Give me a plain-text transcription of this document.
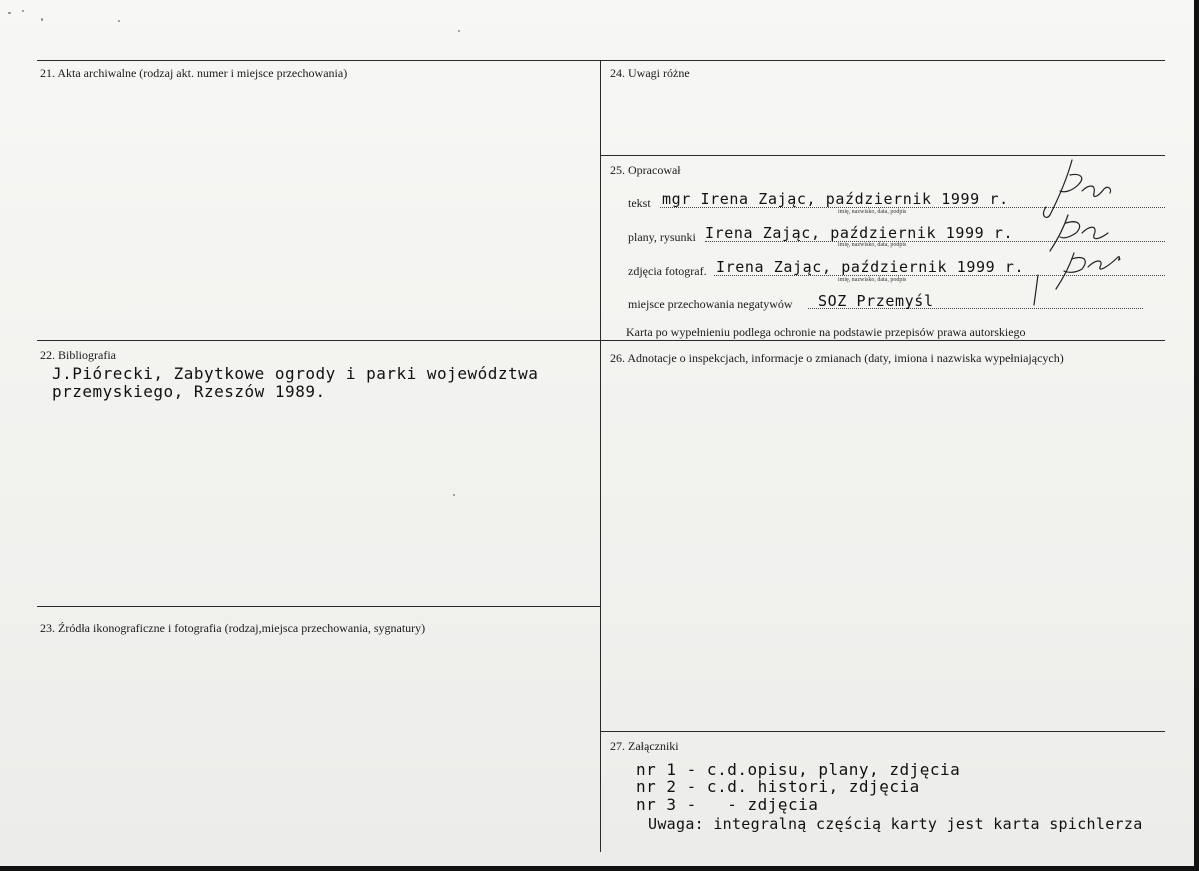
21. Akta archiwalne (rodzaj akt. numer i miejsce przechowania)	24. Uwagi różne
25. Opracował
tekst mgr Irena Zając, październik 1999 r.
imię, nazwisko, data, podpis
plany, rysunki Irena Zając, październik 1999 r.
imię, nazwisko, data, podpis
zdjęcia fotograf. Irena Zając, październik 1999 r.
imię, nazwisko, data, podpis
miejsce przechowania negatywów SOZ Przemyśl
Karta po wypełnieniu podlega ochronie na podstawie przepisów prawa autorskiego
22. Bibliografia
J.Piórecki, Zabytkowe ogrody i parki województwa
przemyskiego, Rzeszów 1989.
26. Adnotacje o inspekcjach, informacje o zmianach (daty, imiona i nazwiska wypełniających)
23. Źródła ikonograficzne i fotografia (rodzaj,miejsca przechowania, sygnatury)
27. Załączniki
nr 1 - c.d.opisu, plany, zdjęcia
nr 2 - c.d. histori, zdjęcia
nr 3 -   - zdjęcia
Uwaga: integralną częścią karty jest karta spichlerza
